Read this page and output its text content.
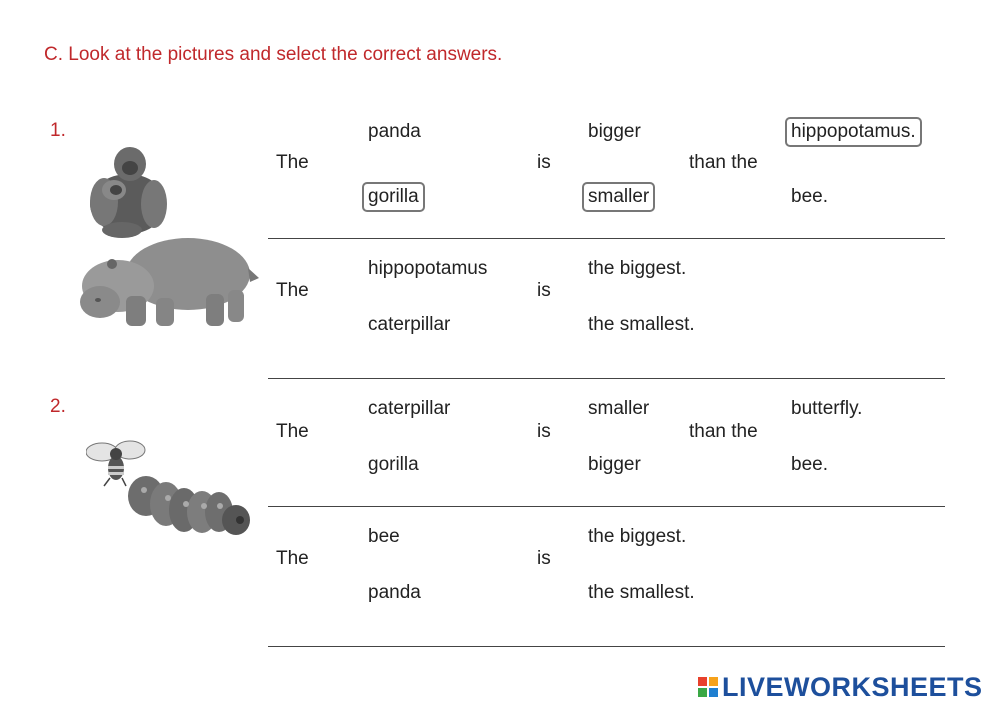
C. Look at the pictures and select the correct answers.
1.
The
panda
gorilla
is
bigger
smaller
than the
hippopotamus.
bee.
The
hippopotamus
caterpillar
is
the biggest.
the smallest.
2.
The
caterpillar
gorilla
is
smaller
bigger
than the
butterfly.
bee.
The
bee
panda
is
the biggest.
the smallest.
LIVEWORKSHEETS
